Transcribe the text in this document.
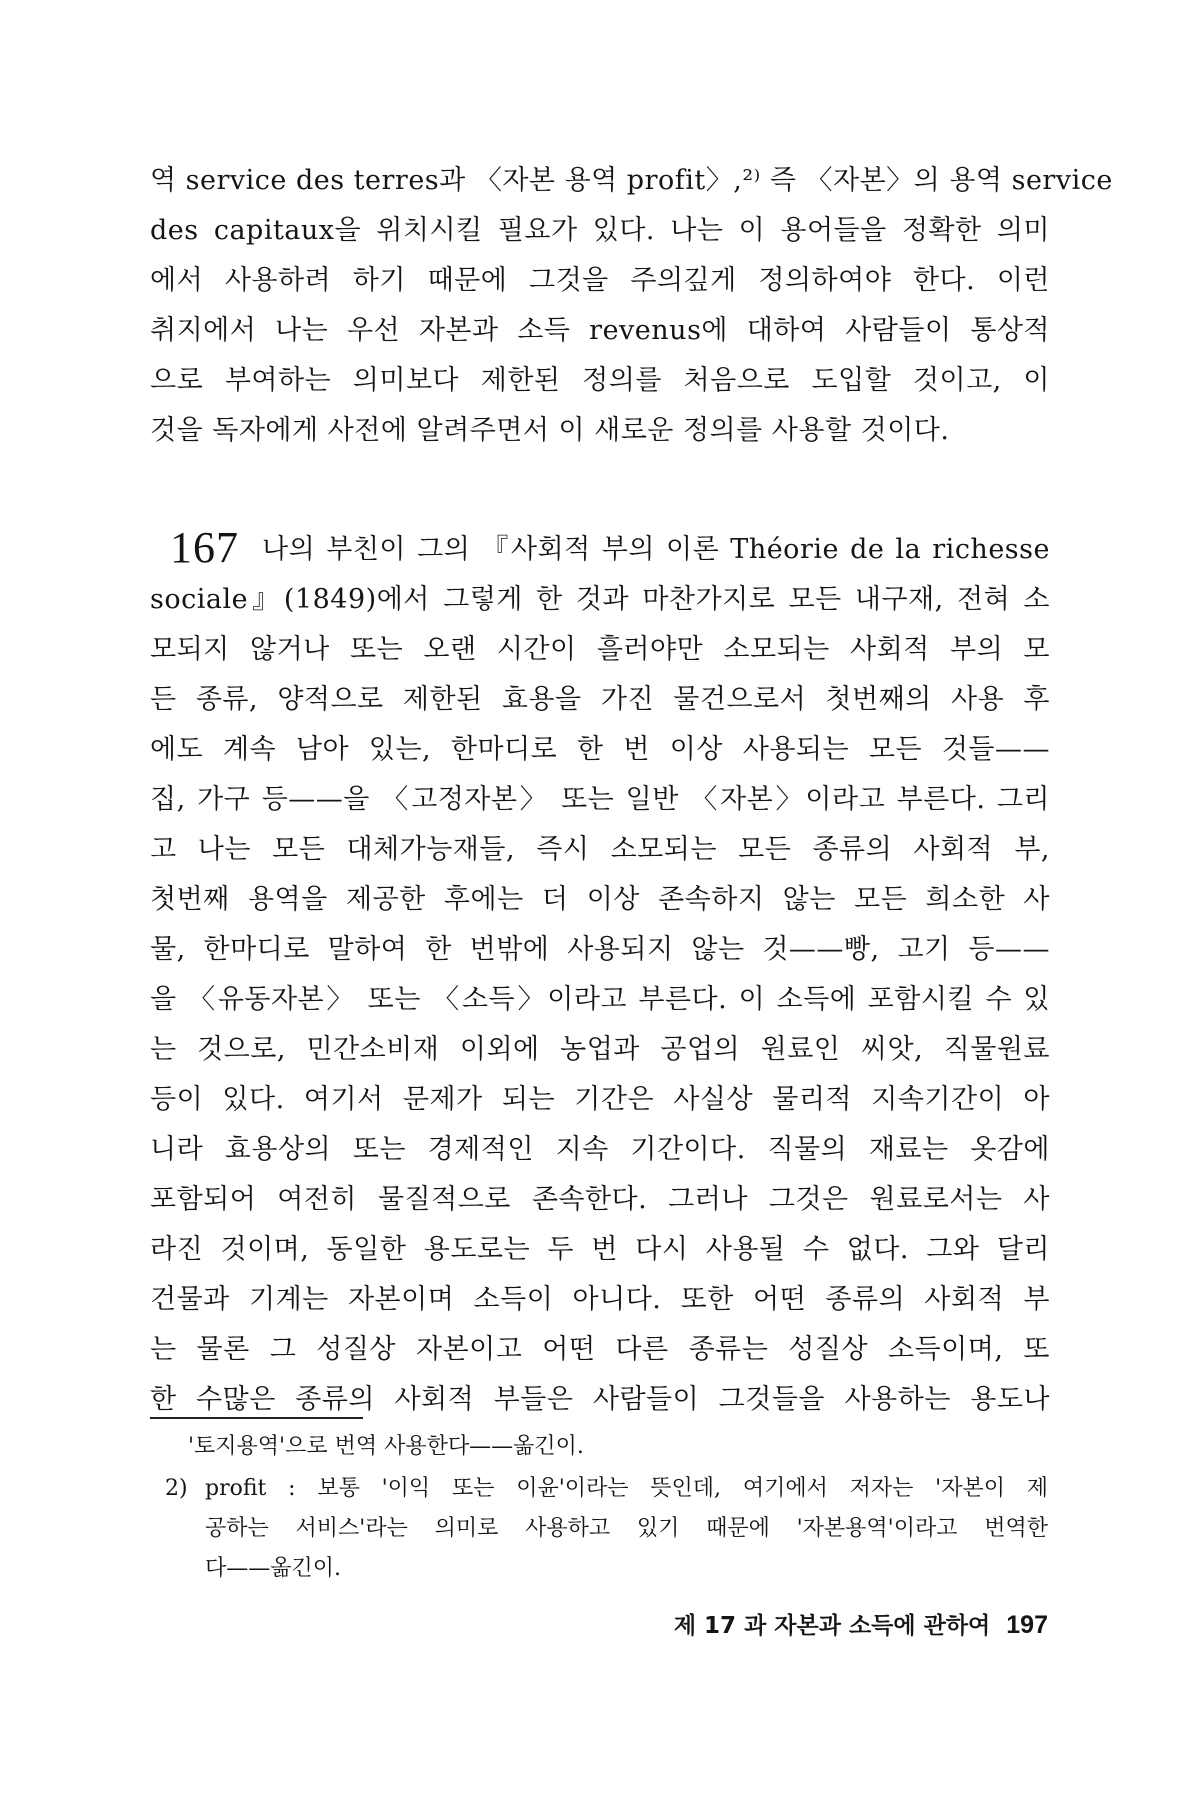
역 service des terres과 〈자본 용역 profit〉,²⁾ 즉 〈자본〉의 용역 service
des capitaux을 위치시킬 필요가 있다. 나는 이 용어들을 정확한 의미
에서 사용하려 하기 때문에 그것을 주의깊게 정의하여야 한다. 이런
취지에서 나는 우선 자본과 소득 revenus에 대하여 사람들이 통상적
으로 부여하는 의미보다 제한된 정의를 처음으로 도입할 것이고, 이
것을 독자에게 사전에 알려주면서 이 새로운 정의를 사용할 것이다.
167 나의 부친이 그의 『사회적 부의 이론 Théorie de la richesse
sociale』(1849)에서 그렇게 한 것과 마찬가지로 모든 내구재, 전혀 소
모되지 않거나 또는 오랜 시간이 흘러야만 소모되는 사회적 부의 모
든 종류, 양적으로 제한된 효용을 가진 물건으로서 첫번째의 사용 후
에도 계속 남아 있는, 한마디로 한 번 이상 사용되는 모든 것들——
집, 가구 등——을 〈고정자본〉 또는 일반 〈자본〉이라고 부른다. 그리
고 나는 모든 대체가능재들, 즉시 소모되는 모든 종류의 사회적 부,
첫번째 용역을 제공한 후에는 더 이상 존속하지 않는 모든 희소한 사
물, 한마디로 말하여 한 번밖에 사용되지 않는 것——빵, 고기 등——
을 〈유동자본〉 또는 〈소득〉이라고 부른다. 이 소득에 포함시킬 수 있
는 것으로, 민간소비재 이외에 농업과 공업의 원료인 씨앗, 직물원료
등이 있다. 여기서 문제가 되는 기간은 사실상 물리적 지속기간이 아
니라 효용상의 또는 경제적인 지속 기간이다. 직물의 재료는 옷감에
포함되어 여전히 물질적으로 존속한다. 그러나 그것은 원료로서는 사
라진 것이며, 동일한 용도로는 두 번 다시 사용될 수 없다. 그와 달리
건물과 기계는 자본이며 소득이 아니다. 또한 어떤 종류의 사회적 부
는 물론 그 성질상 자본이고 어떤 다른 종류는 성질상 소득이며, 또
한 수많은 종류의 사회적 부들은 사람들이 그것들을 사용하는 용도나
'토지용역'으로 번역 사용한다——옮긴이.
2) profit : 보통 '이익 또는 이윤'이라는 뜻인데, 여기에서 저자는 '자본이 제
공하는 서비스'라는 의미로 사용하고 있기 때문에 '자본용역'이라고 번역한
다——옮긴이.
제 17 과 자본과 소득에 관하여 197
